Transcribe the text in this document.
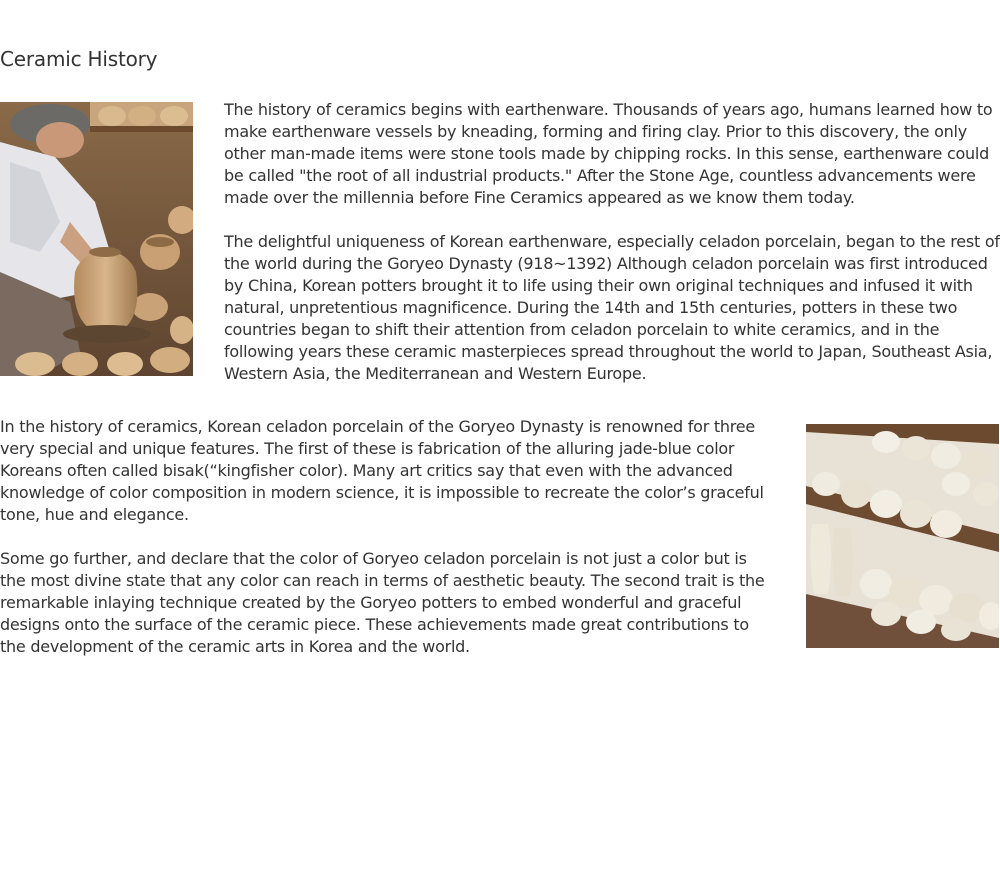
Ceramic History

The history of ceramics begins with earthenware. Thousands of years ago, humans learned how to make earthenware vessels by kneading, forming and firing clay. Prior to this discovery, the only other man-made items were stone tools made by chipping rocks. In this sense, earthenware could be called "the root of all industrial products." After the Stone Age, countless advancements were made over the millennia before Fine Ceramics appeared as we know them today.

The delightful uniqueness of Korean earthenware, especially celadon porcelain, began to the rest of the world during the Goryeo Dynasty (918~1392) Although celadon porcelain was first introduced by China, Korean potters brought it to life using their own original techniques and infused it with natural, unpretentious magnificence. During the 14th and 15th centuries, potters in these two countries began to shift their attention from celadon porcelain to white ceramics, and in the following years these ceramic masterpieces spread throughout the world to Japan, Southeast Asia, Western Asia, the Mediterranean and Western Europe.

In the history of ceramics, Korean celadon porcelain of the Goryeo Dynasty is renowned for three very special and unique features. The first of these is fabrication of the alluring jade-blue color Koreans often called bisak(“kingfisher color). Many art critics say that even with the advanced knowledge of color composition in modern science, it is impossible to recreate the color’s graceful tone, hue and elegance.

Some go further, and declare that the color of Goryeo celadon porcelain is not just a color but is the most divine state that any color can reach in terms of aesthetic beauty. The second trait is the remarkable inlaying technique created by the Goryeo potters to embed wonderful and graceful designs onto the surface of the ceramic piece. These achievements made great contributions to the development of the ceramic arts in Korea and the world.
